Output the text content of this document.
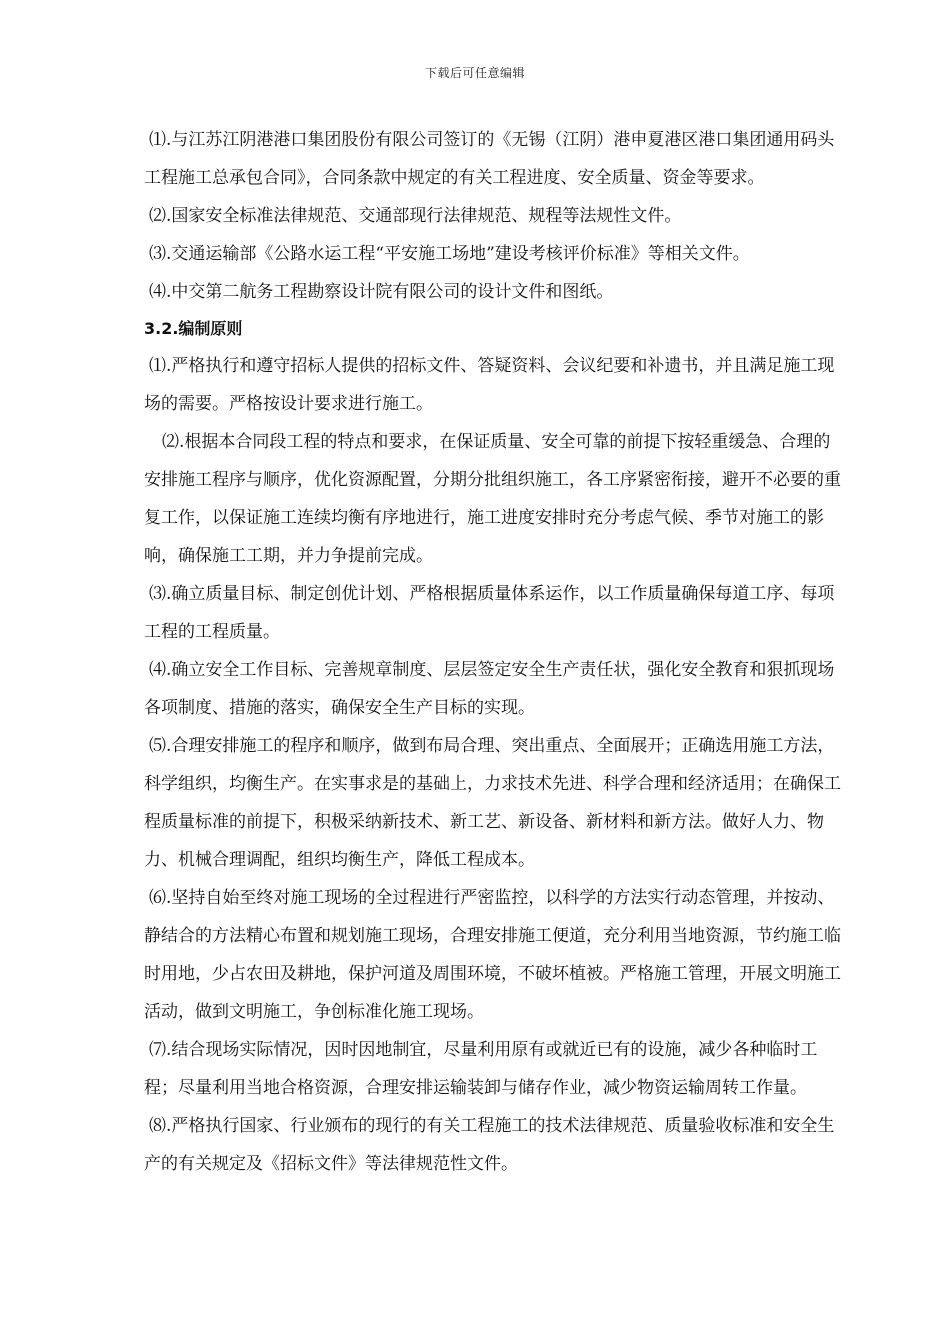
下载后可任意编辑

⑴.与江苏江阴港港口集团股份有限公司签订的《无锡（江阴）港申夏港区港口集团通用码头工程施工总承包合同》，合同条款中规定的有关工程进度、安全质量、资金等要求。

⑵.国家安全标准法律规范、交通部现行法律规范、规程等法规性文件。

⑶.交通运输部《公路水运工程“平安施工场地”建设考核评价标准》等相关文件。

⑷.中交第二航务工程勘察设计院有限公司的设计文件和图纸。

3.2.编制原则

⑴.严格执行和遵守招标人提供的招标文件、答疑资料、会议纪要和补遗书，并且满足施工现场的需要。严格按设计要求进行施工。

⑵.根据本合同段工程的特点和要求，在保证质量、安全可靠的前提下按轻重缓急、合理的安排施工程序与顺序，优化资源配置，分期分批组织施工，各工序紧密衔接，避开不必要的重复工作，以保证施工连续均衡有序地进行，施工进度安排时充分考虑气候、季节对施工的影响，确保施工工期，并力争提前完成。

⑶.确立质量目标、制定创优计划、严格根据质量体系运作，以工作质量确保每道工序、每项工程的工程质量。

⑷.确立安全工作目标、完善规章制度、层层签定安全生产责任状，强化安全教育和狠抓现场各项制度、措施的落实，确保安全生产目标的实现。

⑸.合理安排施工的程序和顺序，做到布局合理、突出重点、全面展开；正确选用施工方法，科学组织，均衡生产。在实事求是的基础上，力求技术先进、科学合理和经济适用；在确保工程质量标准的前提下，积极采纳新技术、新工艺、新设备、新材料和新方法。做好人力、物力、机械合理调配，组织均衡生产，降低工程成本。

⑹.坚持自始至终对施工现场的全过程进行严密监控，以科学的方法实行动态管理，并按动、静结合的方法精心布置和规划施工现场，合理安排施工便道，充分利用当地资源，节约施工临时用地，少占农田及耕地，保护河道及周围环境，不破坏植被。严格施工管理，开展文明施工活动，做到文明施工，争创标准化施工现场。

⑺.结合现场实际情况，因时因地制宜，尽量利用原有或就近已有的设施，减少各种临时工程；尽量利用当地合格资源，合理安排运输装卸与储存作业，减少物资运输周转工作量。

⑻.严格执行国家、行业颁布的现行的有关工程施工的技术法律规范、质量验收标准和安全生产的有关规定及《招标文件》等法律规范性文件。
